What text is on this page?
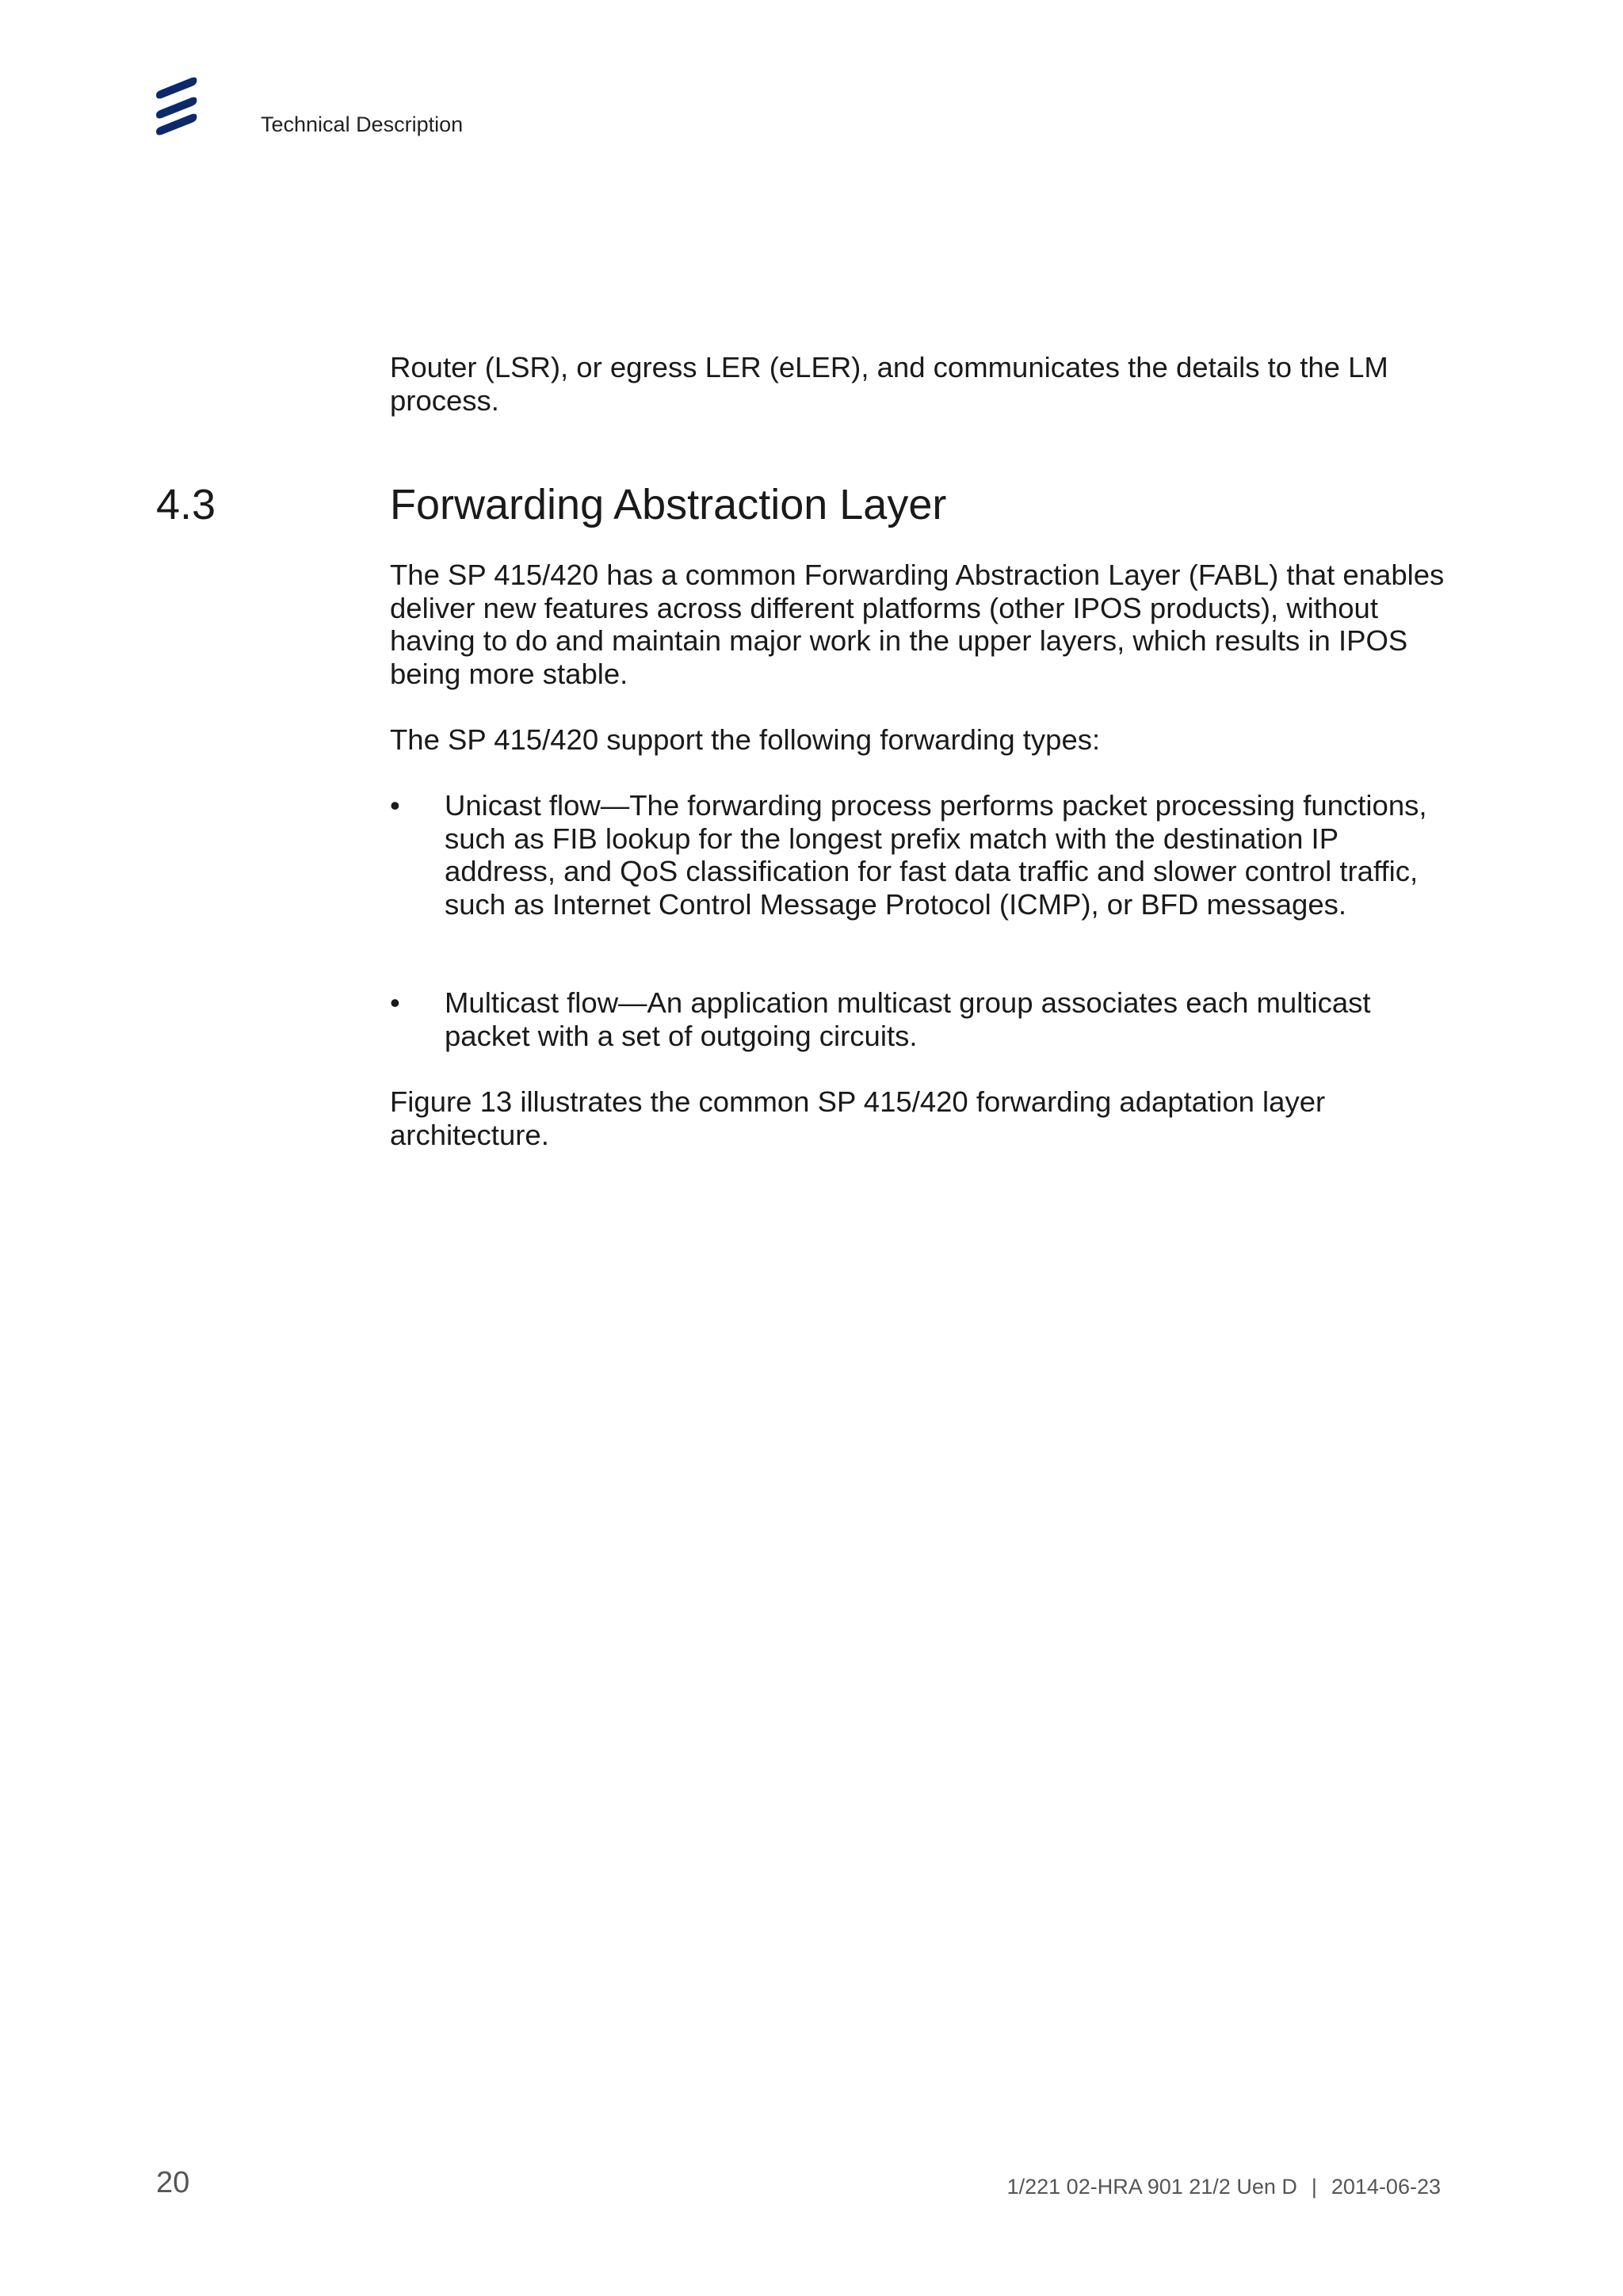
Technical Description

Router (LSR), or egress LER (eLER), and communicates the details to the LM process.

4.3	Forwarding Abstraction Layer

The SP 415/420 has a common Forwarding Abstraction Layer (FABL) that enables deliver new features across different platforms (other IPOS products), without having to do and maintain major work in the upper layers, which results in IPOS being more stable.

The SP 415/420 support the following forwarding types:

• Unicast flow—The forwarding process performs packet processing functions, such as FIB lookup for the longest prefix match with the destination IP address, and QoS classification for fast data traffic and slower control traffic, such as Internet Control Message Protocol (ICMP), or BFD messages.
• Multicast flow—An application multicast group associates each multicast packet with a set of outgoing circuits.

Figure 13 illustrates the common SP 415/420 forwarding adaptation layer architecture.

20	1/221 02-HRA 901 21/2 Uen D | 2014-06-23
